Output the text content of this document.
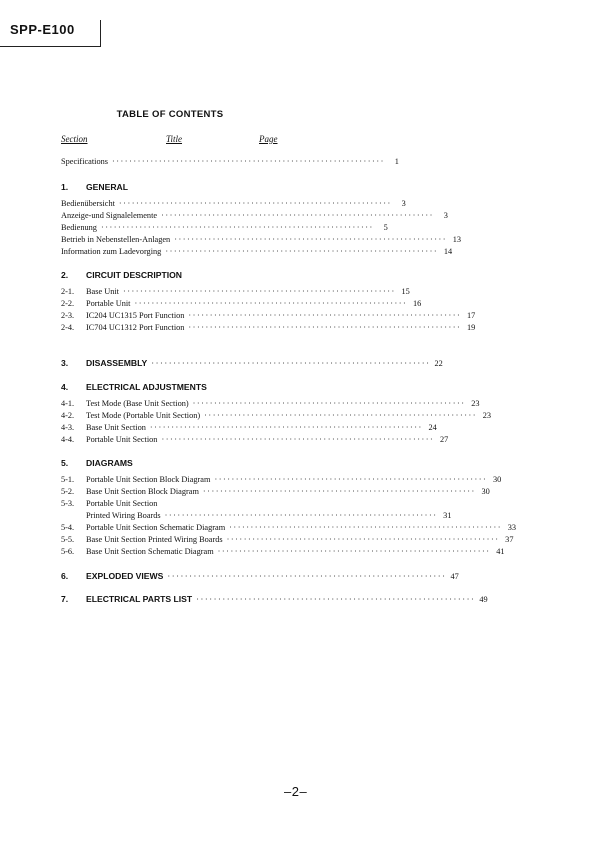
SPP-E100
TABLE OF CONTENTS
Section	Title	Page
Specifications ································································	1
1.	GENERAL
Bedienübersicht ································································	3
Anzeige-und Signalelemente ································································	3
Bedienung ································································	5
Betrieb in Nebenstellen-Anlagen ································································ 13
Information zum Ladevorging ································································ 14
2.	CIRCUIT DESCRIPTION
2-1.	Base Unit ································································ 15
2-2.	Portable Unit ································································ 16
2-3.	IC204 UC1315 Port Function ································································ 17
2-4.	IC704 UC1312 Port Function ································································ 19
3.	DISASSEMBLY ································································ 22
4.	ELECTRICAL ADJUSTMENTS
4-1.	Test Mode (Base Unit Section) ································································ 23
4-2.	Test Mode (Portable Unit Section) ································································ 23
4-3.	Base Unit Section ································································ 24
4-4.	Portable Unit Section ································································ 27
5.	DIAGRAMS
5-1.	Portable Unit Section Block Diagram ································································ 30
5-2.	Base Unit Section Block Diagram ································································ 30
5-3.	Portable Unit Section
Printed Wiring Boards ································································ 31
5-4.	Portable Unit Section Schematic Diagram ································································ 33
5-5.	Base Unit Section Printed Wiring Boards ································································ 37
5-6.	Base Unit Section Schematic Diagram ································································ 41
6.	EXPLODED VIEWS ································································ 47
7.	ELECTRICAL PARTS LIST ································································ 49
–2–
